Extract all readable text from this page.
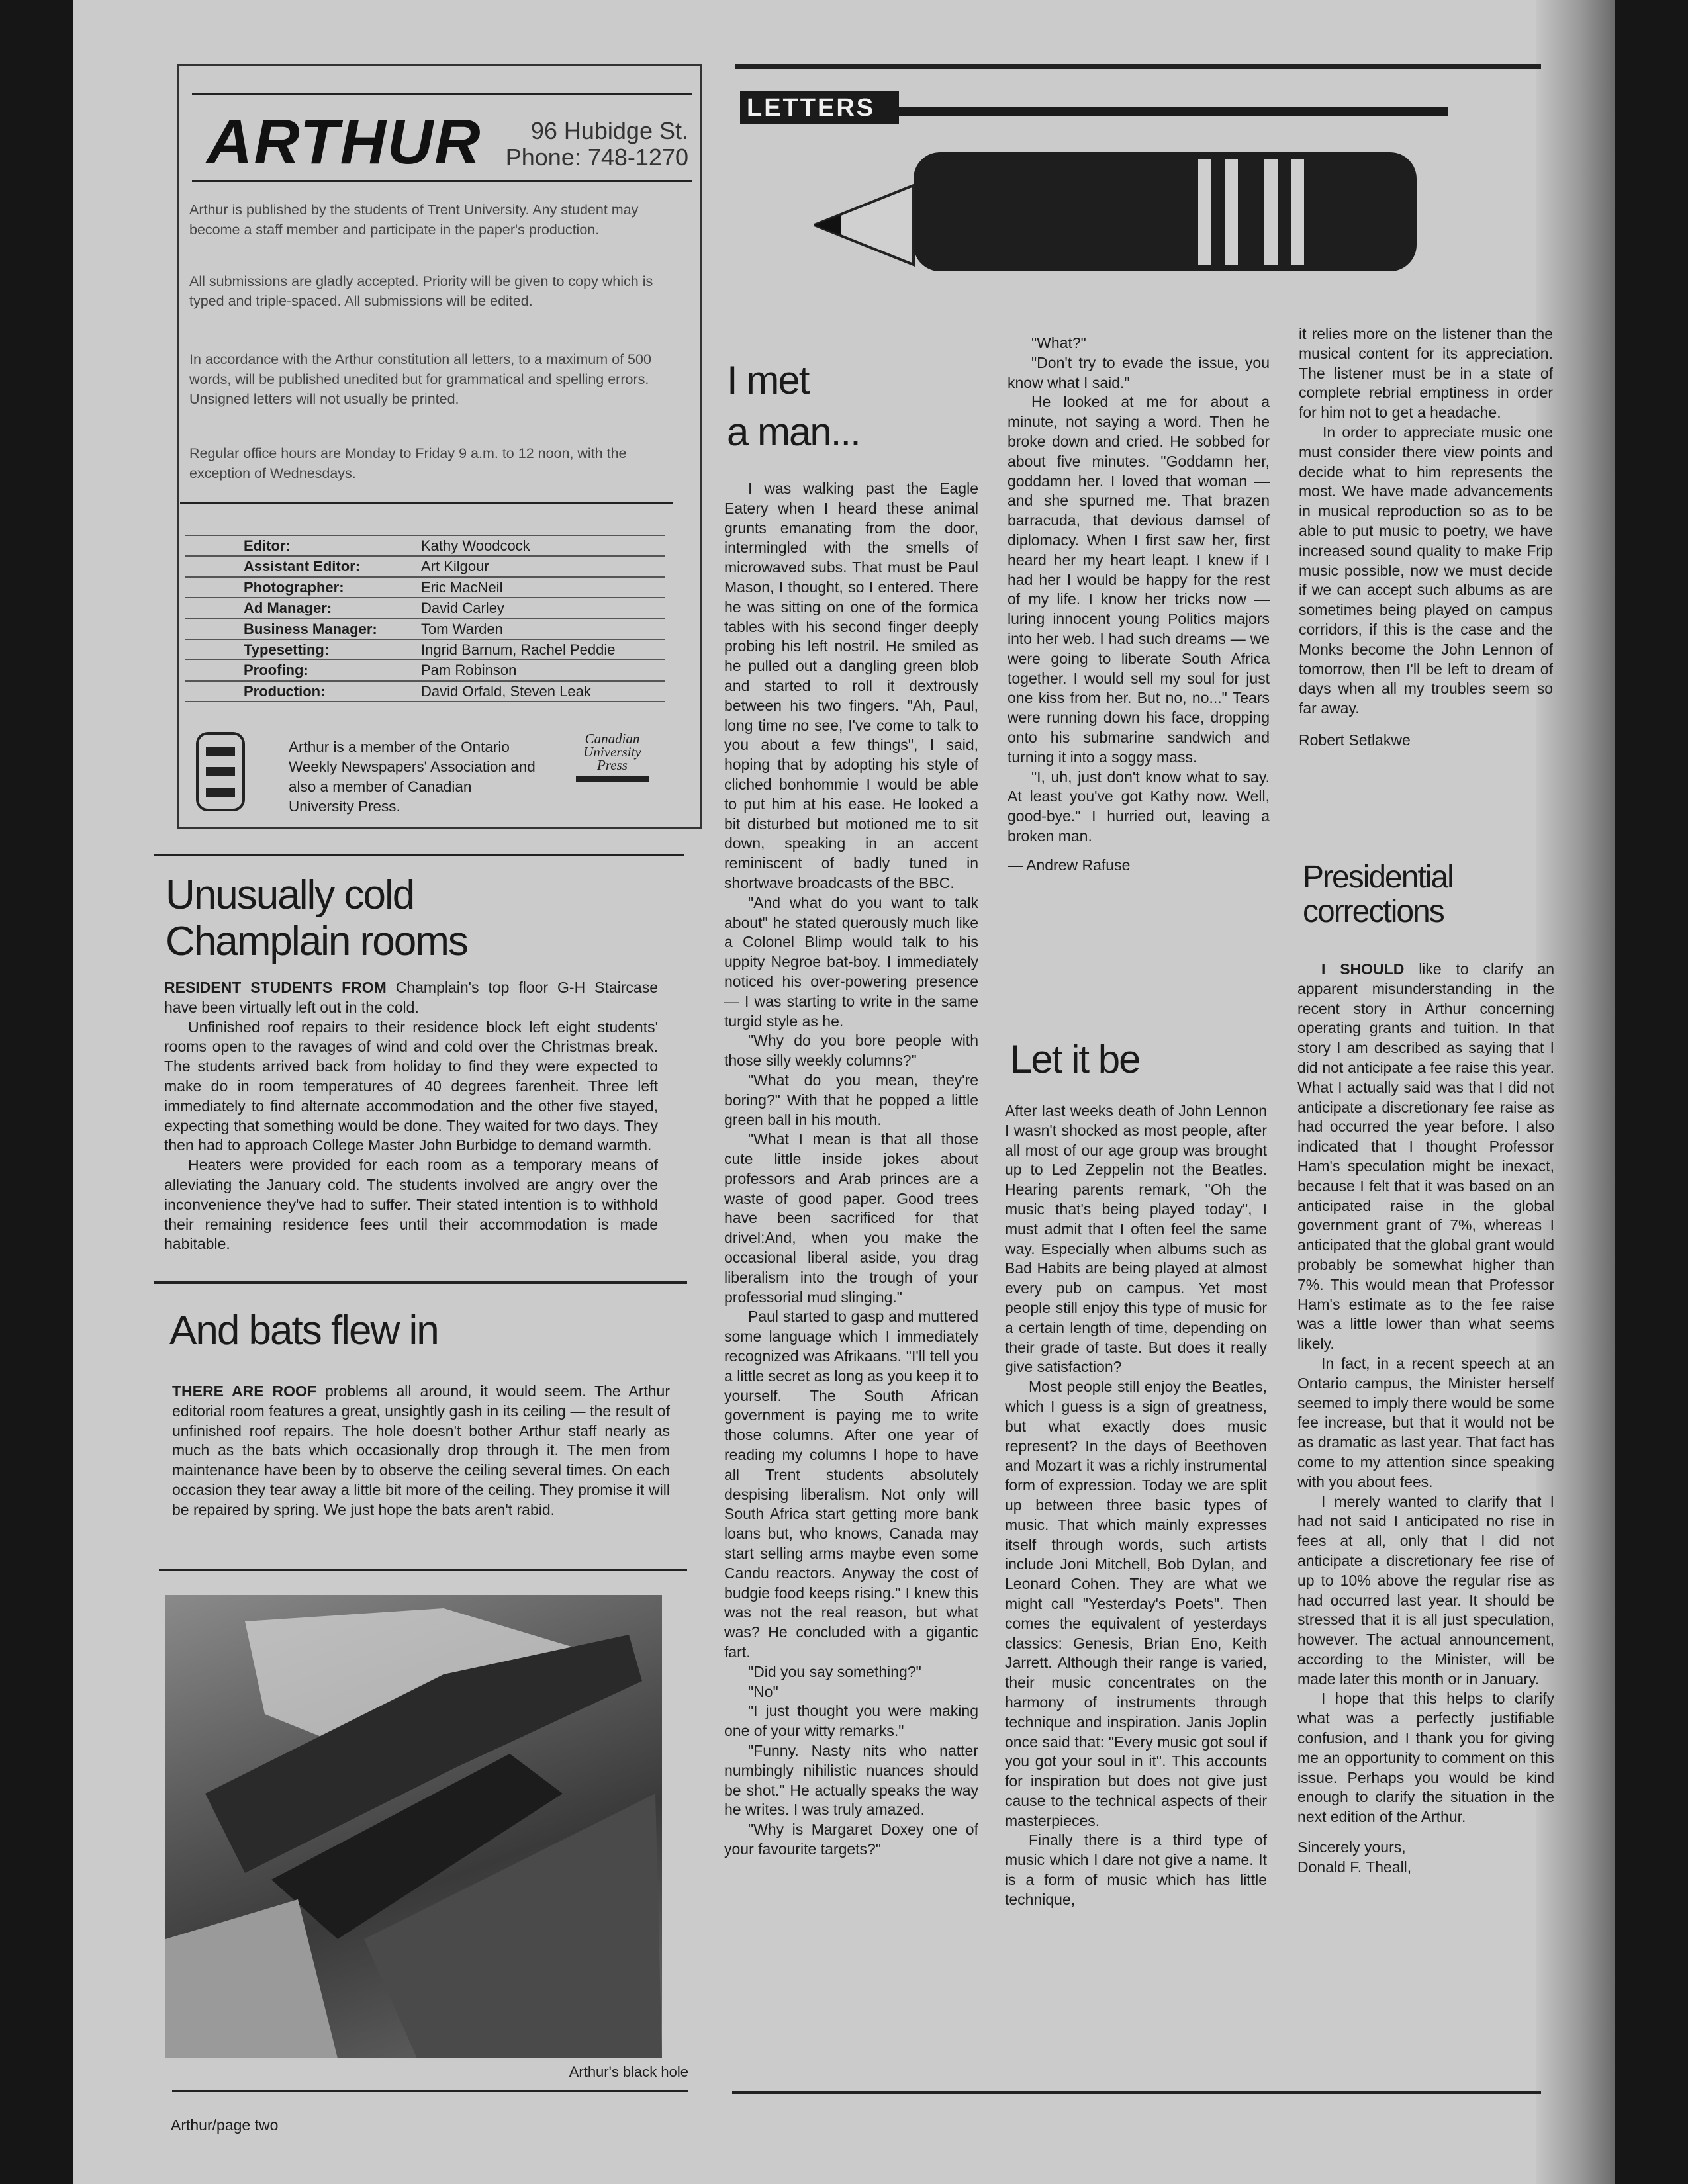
ARTHUR	96 Hubidge St.
Phone: 748-1270

Arthur is published by the students of Trent University. Any student may become a staff member and participate in the paper's production.

All submissions are gladly accepted. Priority will be given to copy which is typed and triple-spaced. All submissions will be edited.

In accordance with the Arthur constitution all letters, to a maximum of 500 words, will be published unedited but for grammatical and spelling errors. Unsigned letters will not usually be printed.

Regular office hours are Monday to Friday 9 a.m. to 12 noon, with the exception of Wednesdays.

Editor:	Kathy Woodcock
Assistant Editor:	Art Kilgour
Photographer:	Eric MacNeil
Ad Manager:	David Carley
Business Manager:	Tom Warden
Typesetting:	Ingrid Barnum, Rachel Peddie
Proofing:	Pam Robinson
Production:	David Orfald, Steven Leak

Arthur is a member of the Ontario Weekly Newspapers' Association and also a member of Canadian University Press.

Canadian University Press
Unusually cold
Champlain rooms

RESIDENT STUDENTS FROM Champlain's top floor G-H Staircase have been virtually left out in the cold.

Unfinished roof repairs to their residence block left eight students' rooms open to the ravages of wind and cold over the Christmas break. The students arrived back from holiday to find they were expected to make do in room temperatures of 40 degrees farenheit. Three left immediately to find alternate accommodation and the other five stayed, expecting that something would be done. They waited for two days. They then had to approach College Master John Burbidge to demand warmth.

Heaters were provided for each room as a temporary means of alleviating the January cold. The students involved are angry over the inconvenience they've had to suffer. Their stated intention is to withhold their remaining residence fees until their accommodation is made habitable.

And bats flew in

THERE ARE ROOF problems all around, it would seem. The Arthur editorial room features a great, unsightly gash in its ceiling — the result of unfinished roof repairs. The hole doesn't bother Arthur staff nearly as much as the bats which occasionally drop through it. The men from maintenance have been by to observe the ceiling several times. On each occasion they tear away a little bit more of the ceiling. They promise it will be repaired by spring. We just hope the bats aren't rabid.

Arthur's black hole
Arthur/page two
LETTERS
I met
a man...

I was walking past the Eagle Eatery when I heard these animal grunts emanating from the door, intermingled with the smells of microwaved subs. That must be Paul Mason, I thought, so I entered. There he was sitting on one of the formica tables with his second finger deeply probing his left nostril. He smiled as he pulled out a dangling green blob and started to roll it dextrously between his two fingers. "Ah, Paul, long time no see, I've come to talk to you about a few things", I said, hoping that by adopting his style of cliched bonhommie I would be able to put him at his ease. He looked a bit disturbed but motioned me to sit down, speaking in an accent reminiscent of badly tuned in shortwave broadcasts of the BBC.

"And what do you want to talk about" he stated querously much like a Colonel Blimp would talk to his uppity Negroe bat-boy. I immediately noticed his over-powering presence — I was starting to write in the same turgid style as he.

"Why do you bore people with those silly weekly columns?"

"What do you mean, they're boring?" With that he popped a little green ball in his mouth.

"What I mean is that all those cute little inside jokes about professors and Arab princes are a waste of good paper. Good trees have been sacrificed for that drivel:And, when you make the occasional liberal aside, you drag liberalism into the trough of your professorial mud slinging."

Paul started to gasp and muttered some language which I immediately recognized was Afrikaans. "I'll tell you a little secret as long as you keep it to yourself. The South African government is paying me to write those columns. After one year of reading my columns I hope to have all Trent students absolutely despising liberalism. Not only will South Africa start getting more bank loans but, who knows, Canada may start selling arms maybe even some Candu reactors. Anyway the cost of budgie food keeps rising." I knew this was not the real reason, but what was? He concluded with a gigantic fart.

"Did you say something?"

"No"

"I just thought you were making one of your witty remarks."

"Funny. Nasty nits who natter numbingly nihilistic nuances should be shot." He actually speaks the way he writes. I was truly amazed.

"Why is Margaret Doxey one of your favourite targets?"

"What?"

"Don't try to evade the issue, you know what I said."

He looked at me for about a minute, not saying a word. Then he broke down and cried. He sobbed for about five minutes. "Goddamn her, goddamn her. I loved that woman — and she spurned me. That brazen barracuda, that devious damsel of diplomacy. When I first saw her, first heard her my heart leapt. I knew if I had her I would be happy for the rest of my life. I know her tricks now — luring innocent young Politics majors into her web. I had such dreams — we were going to liberate South Africa together. I would sell my soul for just one kiss from her. But no, no..." Tears were running down his face, dropping onto his submarine sandwich and turning it into a soggy mass.

"I, uh, just don't know what to say. At least you've got Kathy now. Well, good-bye." I hurried out, leaving a broken man.

— Andrew Rafuse

Let it be

After last weeks death of John Lennon I wasn't shocked as most people, after all most of our age group was brought up to Led Zeppelin not the Beatles. Hearing parents remark, "Oh the music that's being played today", I must admit that I often feel the same way. Especially when albums such as Bad Habits are being played at almost every pub on campus. Yet most people still enjoy this type of music for a certain length of time, depending on their grade of taste. But does it really give satisfaction?

Most people still enjoy the Beatles, which I guess is a sign of greatness, but what exactly does music represent? In the days of Beethoven and Mozart it was a richly instrumental form of expression. Today we are split up between three basic types of music. That which mainly expresses itself through words, such artists include Joni Mitchell, Bob Dylan, and Leonard Cohen. They are what we might call "Yesterday's Poets". Then comes the equivalent of yesterdays classics: Genesis, Brian Eno, Keith Jarrett. Although their range is varied, their music concentrates on the harmony of instruments through technique and inspiration. Janis Joplin once said that: "Every music got soul if you got your soul in it". This accounts for inspiration but does not give just cause to the technical aspects of their masterpieces.

Finally there is a third type of music which I dare not give a name. It is a form of music which has little technique,

it relies more on the listener than the musical content for its appreciation. The listener must be in a state of complete rebrial emptiness in order for him not to get a headache.

In order to appreciate music one must consider there view points and decide what to him represents the most. We have made advancements in musical reproduction so as to be able to put music to poetry, we have increased sound quality to make Frip music possible, now we must decide if we can accept such albums as are sometimes being played on campus corridors, if this is the case and the Monks become the John Lennon of tomorrow, then I'll be left to dream of days when all my troubles seem so far away.

Robert Setlakwe

Presidential
corrections

I SHOULD like to clarify an apparent misunderstanding in the recent story in Arthur concerning operating grants and tuition. In that story I am described as saying that I did not anticipate a fee raise this year. What I actually said was that I did not anticipate a discretionary fee raise as had occurred the year before. I also indicated that I thought Professor Ham's speculation might be inexact, because I felt that it was based on an anticipated raise in the global government grant of 7%, whereas I anticipated that the global grant would probably be somewhat higher than 7%. This would mean that Professor Ham's estimate as to the fee raise was a little lower than what seems likely.

In fact, in a recent speech at an Ontario campus, the Minister herself seemed to imply there would be some fee increase, but that it would not be as dramatic as last year. That fact has come to my attention since speaking with you about fees.

I merely wanted to clarify that I had not said I anticipated no rise in fees at all, only that I did not anticipate a discretionary fee rise of up to 10% above the regular rise as had occurred last year. It should be stressed that it is all just speculation, however. The actual announcement, according to the Minister, will be made later this month or in January.

I hope that this helps to clarify what was a perfectly justifiable confusion, and I thank you for giving me an opportunity to comment on this issue. Perhaps you would be kind enough to clarify the situation in the next edition of the Arthur.

Sincerely yours,

Donald F. Theall,
